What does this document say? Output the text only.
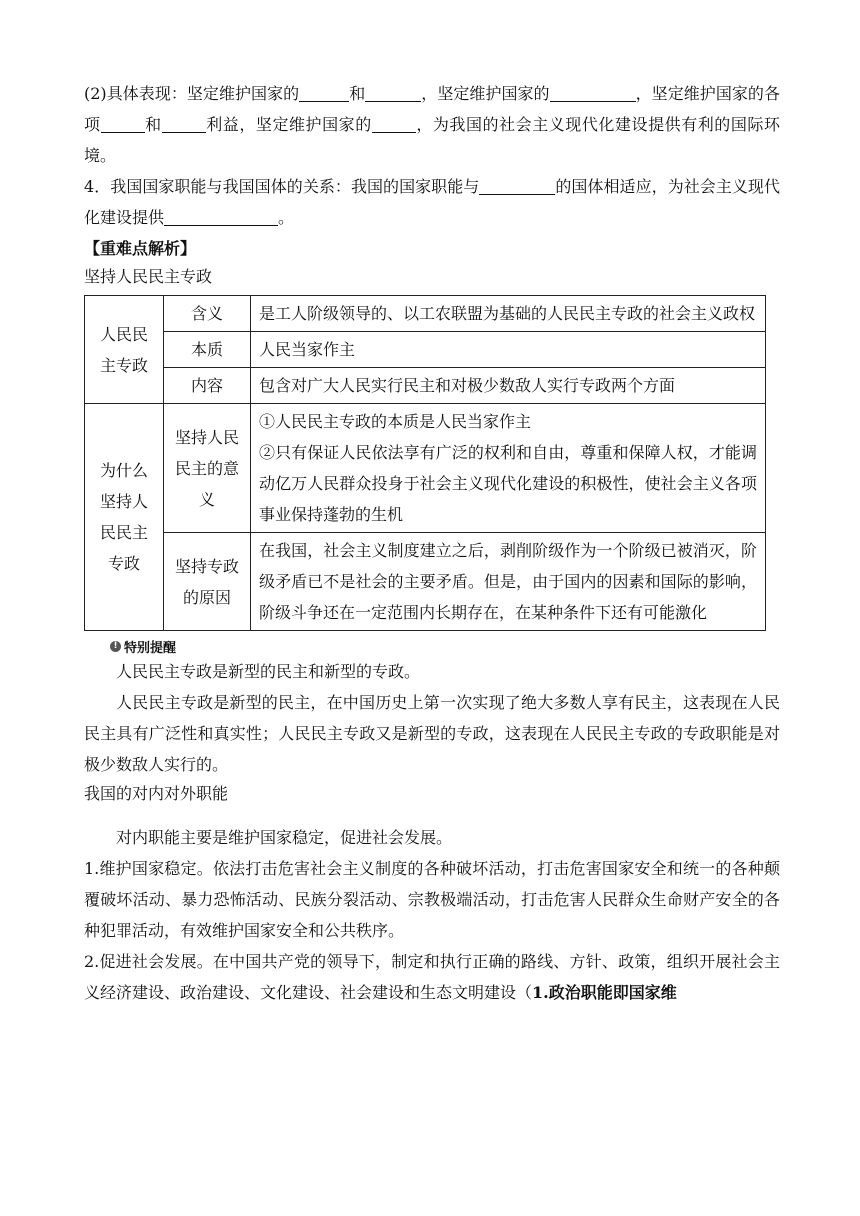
(2)具体表现：坚定维护国家的	和	，坚定维护国家的	，坚定维护国家的各项	和	利益，坚定维护国家的	，为我国的社会主义现代化建设提供有利的国际环境。

4．我国国家职能与我国国体的关系：我国的国家职能与	的国体相适应，为社会主义现代化建设提供	。

【重难点解析】

坚持人民民主专政

人民民主专政	含义	是工人阶级领导的、以工农联盟为基础的人民民主专政的社会主义政权
	本质	人民当家作主
	内容	包含对广大人民实行民主和对极少数敌人实行专政两个方面
为什么坚持人民民主专政	坚持人民民主的意义	①人民民主专政的本质是人民当家作主
②只有保证人民依法享有广泛的权利和自由，尊重和保障人权，才能调动亿万人民群众投身于社会主义现代化建设的积极性，使社会主义各项事业保持蓬勃的生机

	坚持专政的原因	在我国，社会主义制度建立之后，剥削阶级作为一个阶级已被消灭，阶级矛盾已不是社会的主要矛盾。但是，由于国内的因素和国际的影响，阶级斗争还在一定范围内长期存在，在某种条件下还有可能激化
! 特别提醒

人民民主专政是新型的民主和新型的专政。

人民民主专政是新型的民主，在中国历史上第一次实现了绝大多数人享有民主，这表现在人民民主具有广泛性和真实性；人民民主专政又是新型的专政，这表现在人民民主专政的专政职能是对极少数敌人实行的。

我国的对内对外职能

对内职能主要是维护国家稳定，促进社会发展。

1.维护国家稳定。依法打击危害社会主义制度的各种破坏活动，打击危害国家安全和统一的各种颠覆破坏活动、暴力恐怖活动、民族分裂活动、宗教极端活动，打击危害人民群众生命财产安全的各种犯罪活动，有效维护国家安全和公共秩序。

2.促进社会发展。在中国共产党的领导下，制定和执行正确的路线、方针、政策，组织开展社会主义经济建设、政治建设、文化建设、社会建设和生态文明建设（1.政治职能即国家维
